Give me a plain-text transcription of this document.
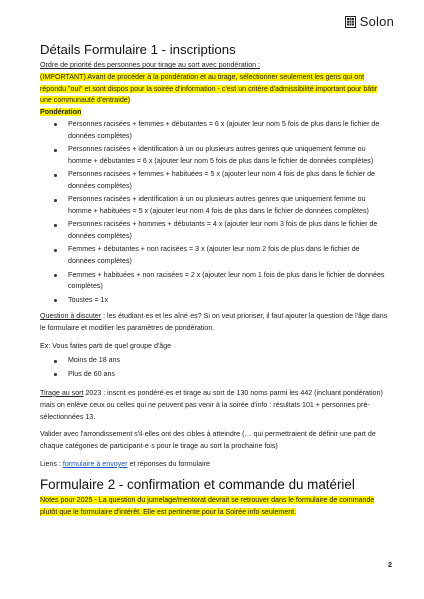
Solon
Détails Formulaire 1 - inscriptions

Ordre de priorité des personnes pour tirage au sort avec pondération :

(IMPORTANT) Avant de procéder à la pondération et au tirage, sélectionner seulement les gens qui ont répondu "oui" et sont dispos pour la soirée d'information - c'est un critère d'admissibilité important pour bâtir une communauté d'entraide)

Pondération

Personnes racisées + femmes + débutantes = 6 x (ajouter leur nom 5 fois de plus dans le fichier de données complètes)
Personnes racisées + identification à un ou plusieurs autres genres que uniquement femme ou homme + débutantes = 6 x (ajouter leur nom 5 fois de plus dans le fichier de données complètes)
Personnes racisées + femmes + habituées = 5 x (ajouter leur nom 4 fois de plus dans le fichier de données complètes)
Personnes racisées + identification à un ou plusieurs autres genres que uniquement femme ou homme + habituées = 5 x (ajouter leur nom 4 fois de plus dans le fichier de données complètes)
Personnes racisées + hommes + débutants = 4 x (ajouter leur nom 3 fois de plus dans le fichier de données complètes)
Femmes + débutantes + non racisées = 3 x (ajouter leur nom 2 fois de plus dans le fichier de données complètes)
Femmes + habituées + non racisées = 2 x (ajouter leur nom 1 fois de plus dans le fichier de données complètes)
Toustes = 1x

Question à discuter : les étudiant·es et les aîné·es? Si on veut prioriser, il faut ajouter la question de l'âge dans le formulaire et modifier les paramètres de pondération.

Ex: Vous faites parti de quel groupe d'âge

Moins de 18 ans
Plus de 60 ans

Tirage au sort 2023 : inscrit·es pondéré·es et tirage au sort de 130 noms parmi les 442 (incluant pondération) mais on enlève ceux ou celles qui ne peuvent pas venir à la soirée d'info : résultats 101 + personnes pré-sélectionnées 13.

Valider avec l'arrondissement s'il·elles ont des cibles à atteindre (… qui permettraient de définir une part de chaque catégories de participant·e·s pour le tirage au sort la prochaine fois)

Liens : formulaire à envoyer et réponses du formulaire

Formulaire 2 - confirmation et commande du matériel

Notes pour 2025 - La question du jumelage/mentorat devrait se retrouver dans le formulaire de commande plutôt que le formulaire d'intérêt. Elle est pertinente pour la Soirée info seulement.

2
